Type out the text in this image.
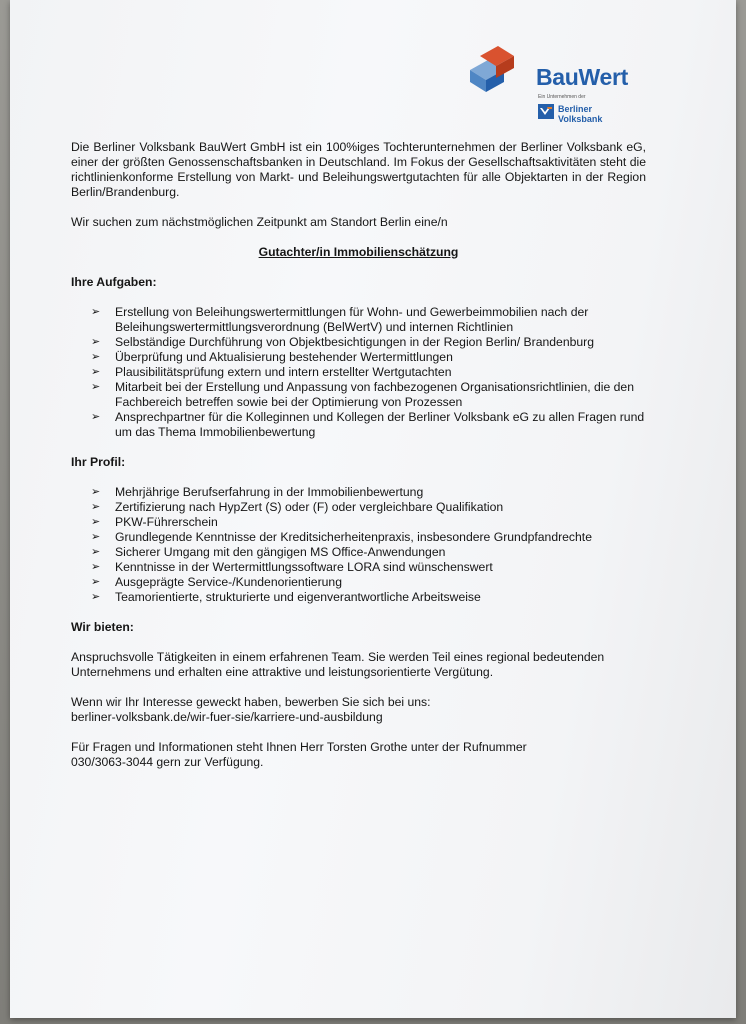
BauWert
Ein Unternehmen der
Berliner Volksbank

Die Berliner Volksbank BauWert GmbH ist ein 100%iges Tochterunternehmen der Berliner Volksbank eG, einer der größten Genossenschaftsbanken in Deutschland. Im Fokus der Gesellschaftsaktivitäten steht die richtlinienkonforme Erstellung von Markt- und Beleihungswertgutachten für alle Objektarten in der Region Berlin/Brandenburg.

Wir suchen zum nächstmöglichen Zeitpunkt am Standort Berlin eine/n

Gutachter/in Immobilienschätzung

Ihre Aufgaben:

➢ Erstellung von Beleihungswertermittlungen für Wohn- und Gewerbeimmobilien nach der Beleihungswertermittlungsverordnung (BelWertV) und internen Richtlinien
➢ Selbständige Durchführung von Objektbesichtigungen in der Region Berlin/ Brandenburg
➢ Überprüfung und Aktualisierung bestehender Wertermittlungen
➢ Plausibilitätsprüfung extern und intern erstellter Wertgutachten
➢ Mitarbeit bei der Erstellung und Anpassung von fachbezogenen Organisationsrichtlinien, die den Fachbereich betreffen sowie bei der Optimierung von Prozessen
➢ Ansprechpartner für die Kolleginnen und Kollegen der Berliner Volksbank eG zu allen Fragen rund um das Thema Immobilienbewertung

Ihr Profil:

➢ Mehrjährige Berufserfahrung in der Immobilienbewertung
➢ Zertifizierung nach HypZert (S) oder (F) oder vergleichbare Qualifikation
➢ PKW-Führerschein
➢ Grundlegende Kenntnisse der Kreditsicherheitenpraxis, insbesondere Grundpfandrechte
➢ Sicherer Umgang mit den gängigen MS Office-Anwendungen
➢ Kenntnisse in der Wertermittlungssoftware LORA sind wünschenswert
➢ Ausgeprägte Service-/Kundenorientierung
➢ Teamorientierte, strukturierte und eigenverantwortliche Arbeitsweise

Wir bieten:

Anspruchsvolle Tätigkeiten in einem erfahrenen Team. Sie werden Teil eines regional bedeutenden Unternehmens und erhalten eine attraktive und leistungsorientierte Vergütung.

Wenn wir Ihr Interesse geweckt haben, bewerben Sie sich bei uns:

berliner-volksbank.de/wir-fuer-sie/karriere-und-ausbildung

Für Fragen und Informationen steht Ihnen Herr Torsten Grothe unter der Rufnummer

030/3063-3044 gern zur Verfügung.
